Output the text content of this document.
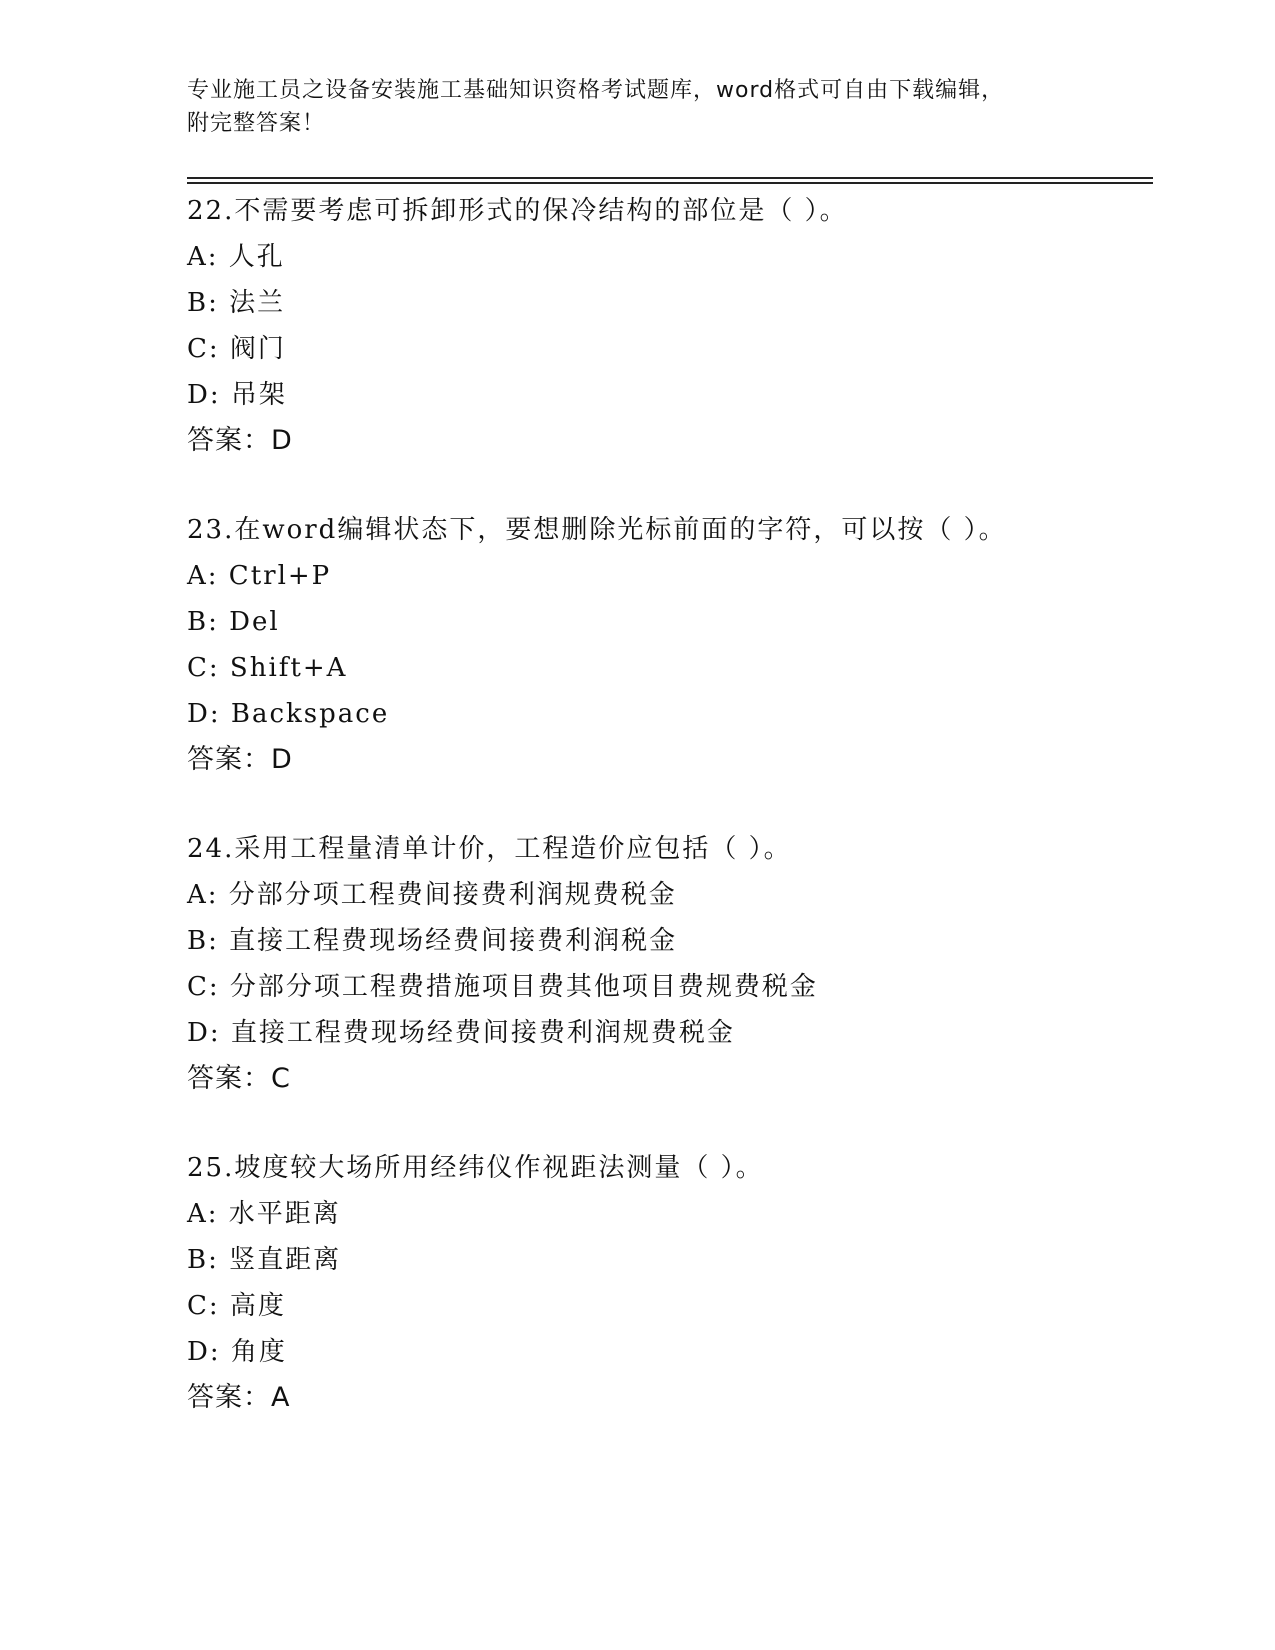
专业施工员之设备安装施工基础知识资格考试题库，word格式可自由下载编辑，
附完整答案！
22.不需要考虑可拆卸形式的保冷结构的部位是（ ）。
A: 人孔
B: 法兰
C: 阀门
D: 吊架
答案：D
23.在word编辑状态下，要想删除光标前面的字符，可以按（ ）。
A: Ctrl+P
B: Del
C: Shift+A
D: Backspace
答案：D
24.采用工程量清单计价，工程造价应包括（ ）。
A: 分部分项工程费间接费利润规费税金
B: 直接工程费现场经费间接费利润税金
C: 分部分项工程费措施项目费其他项目费规费税金
D: 直接工程费现场经费间接费利润规费税金
答案：C
25.坡度较大场所用经纬仪作视距法测量（ ）。
A: 水平距离
B: 竖直距离
C: 高度
D: 角度
答案：A
